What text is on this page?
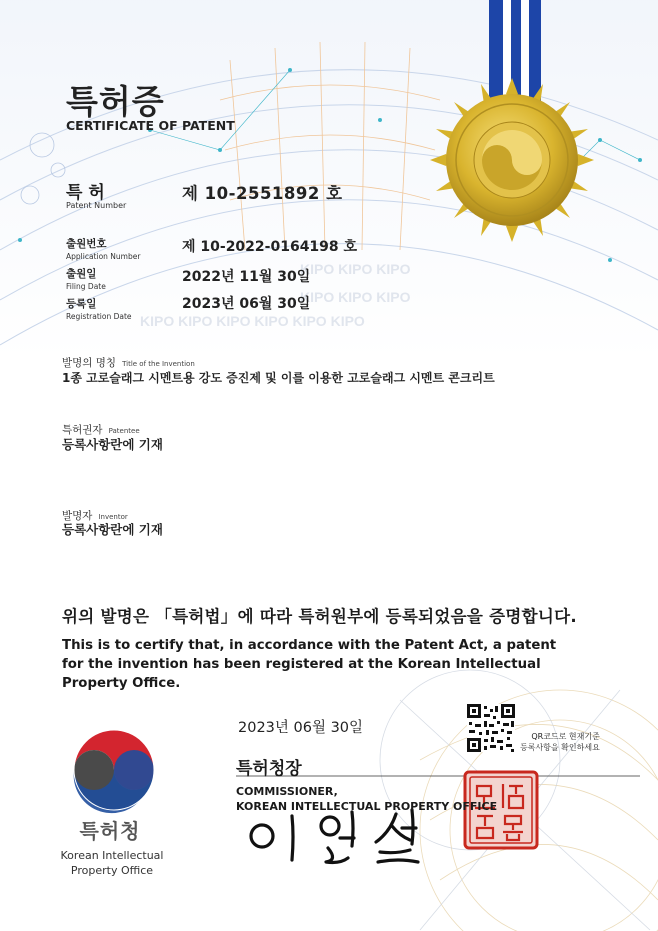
KIPO KIPO KIPO
KIPO KIPO KIPO
KIPO KIPO KIPO KIPO KIPO KIPO
특허증
CERTIFICATE OF PATENT
특 허
Patent Number
제 10-2551892 호
출원번호
Application Number
제 10-2022-0164198 호
출원일
Filing Date
2022년 11월 30일
등록일
Registration Date
2023년 06월 30일
발명의 명칭 Title of the Invention
1종 고로슬래그 시멘트용 강도 증진제 및 이를 이용한 고로슬래그 시멘트 콘크리트
특허권자 Patentee
등록사항란에 기재
발명자 Inventor
등록사항란에 기재
위의 발명은 「특허법」에 따라 특허원부에 등록되었음을 증명합니다.
This is to certify that, in accordance with the Patent Act, a patent for the invention has been registered at the Korean Intellectual Property Office.
2023년 06월 30일
QR코드로 현재기준
등록사항을 확인하세요
특허청장
COMMISSIONER,
KOREAN INTELLECTUAL PROPERTY OFFICE
특허청
Korean Intellectual Property Office
